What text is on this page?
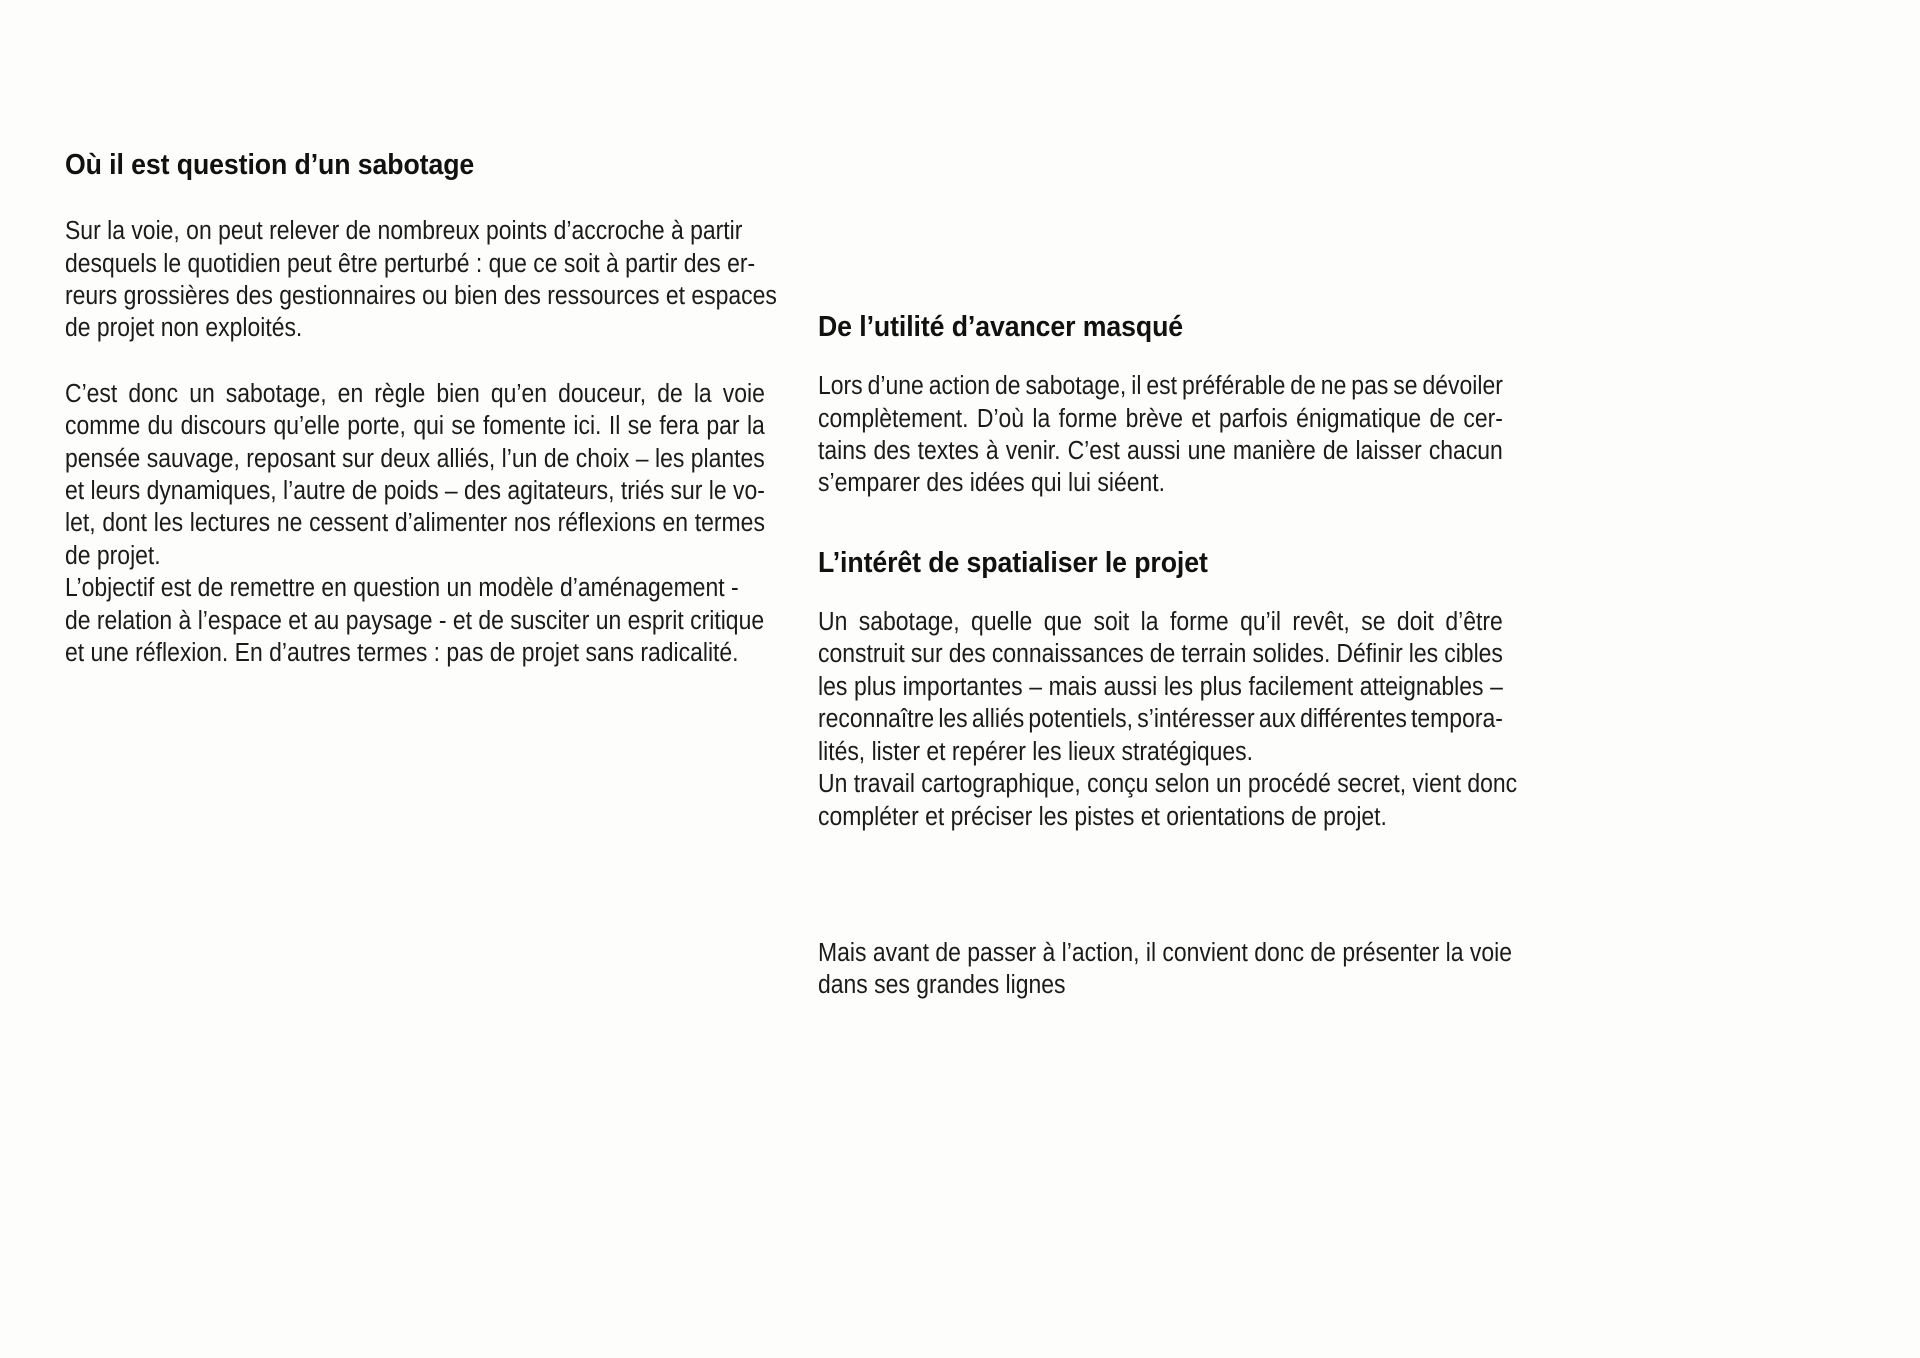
Où il est question d’un sabotage

Sur la voie, on peut relever de nombreux points d’accroche à partir
desquels le quotidien peut être perturbé : que ce soit à partir des er-
reurs grossières des gestionnaires ou bien des ressources et espaces
de projet non exploités.

C’est donc un sabotage, en règle bien qu’en douceur, de la voie
comme du discours qu’elle porte, qui se fomente ici. Il se fera par la
pensée sauvage, reposant sur deux alliés, l’un de choix – les plantes
et leurs dynamiques, l’autre de poids – des agitateurs, triés sur le vo-
let, dont les lectures ne cessent d’alimenter nos réflexions en termes
de projet.

L’objectif est de remettre en question un modèle d’aménagement -
de relation à l’espace et au paysage - et de susciter un esprit critique
et une réflexion. En d’autres termes : pas de projet sans radicalité.

De l’utilité d’avancer masqué

Lors d’une action de sabotage, il est préférable de ne pas se dévoiler
complètement. D’où la forme brève et parfois énigmatique de cer-
tains des textes à venir. C’est aussi une manière de laisser chacun
s’emparer des idées qui lui siéent.

L’intérêt de spatialiser le projet

Un sabotage, quelle que soit la forme qu’il revêt, se doit d’être
construit sur des connaissances de terrain solides. Définir les cibles
les plus importantes – mais aussi les plus facilement atteignables –
reconnaître les alliés potentiels, s’intéresser aux différentes tempora-
lités, lister et repérer les lieux stratégiques.

Un travail cartographique, conçu selon un procédé secret, vient donc
compléter et préciser les pistes et orientations de projet.

Mais avant de passer à l’action, il convient donc de présenter la voie
dans ses grandes lignes
